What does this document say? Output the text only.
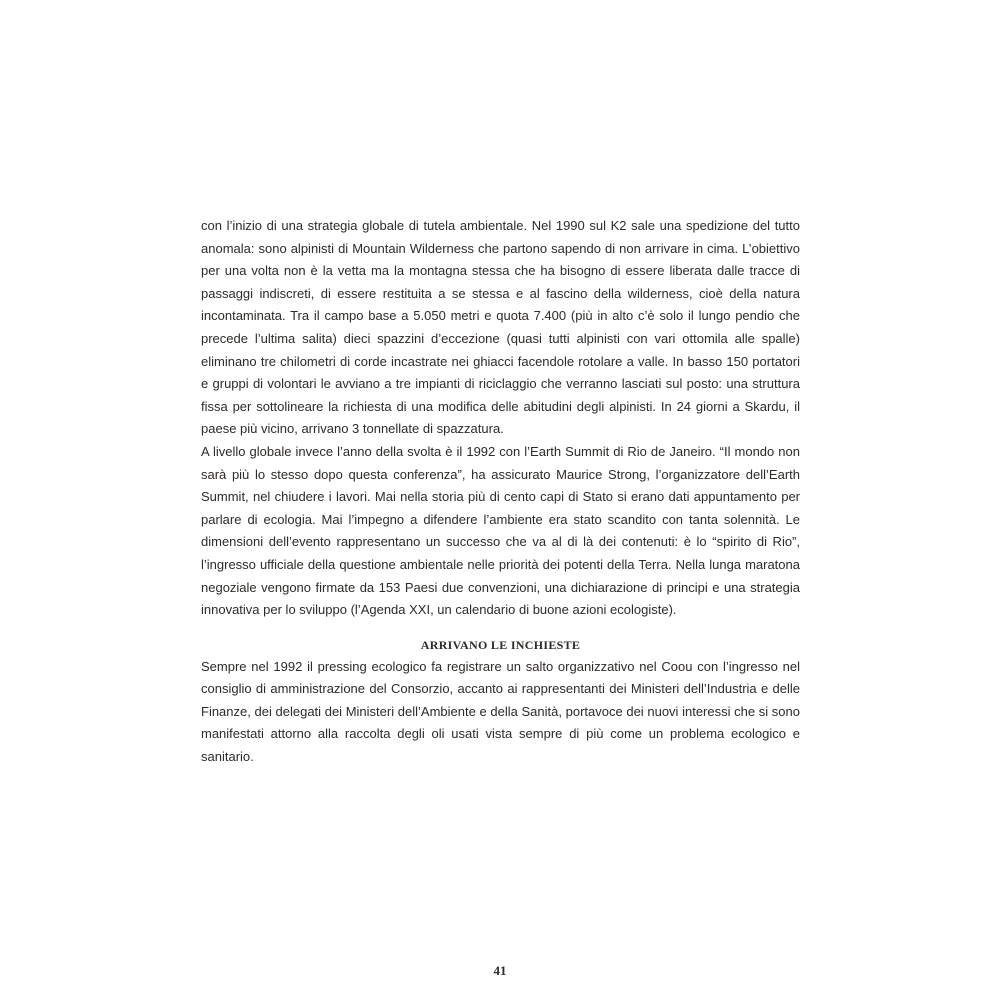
con l’inizio di una strategia globale di tutela ambientale. Nel 1990 sul K2 sale una spedizione del tutto anomala: sono alpinisti di Mountain Wilderness che partono sapendo di non arrivare in cima. L’obiettivo per una volta non è la vetta ma la montagna stessa che ha bisogno di essere liberata dalle tracce di passaggi indiscreti, di essere restituita a se stessa e al fascino della wilderness, cioè della natura incontaminata. Tra il campo base a 5.050 metri e quota 7.400 (più in alto c’è solo il lungo pendio che precede l’ultima salita) dieci spazzini d’eccezione (quasi tutti alpinisti con vari ottomila alle spalle) eliminano tre chilometri di corde incastrate nei ghiacci facendole rotolare a valle. In basso 150 portatori e gruppi di volontari le avviano a tre impianti di riciclaggio che verranno lasciati sul posto: una struttura fissa per sottolineare la richiesta di una modifica delle abitudini degli alpinisti. In 24 giorni a Skardu, il paese più vicino, arrivano 3 tonnellate di spazzatura.

A livello globale invece l’anno della svolta è il 1992 con l’Earth Summit di Rio de Janeiro. “Il mondo non sarà più lo stesso dopo questa conferenza”, ha assicurato Maurice Strong, l’organizzatore dell’Earth Summit, nel chiudere i lavori. Mai nella storia più di cento capi di Stato si erano dati appuntamento per parlare di ecologia. Mai l’impegno a difendere l’ambiente era stato scandito con tanta solennità. Le dimensioni dell’evento rappresentano un successo che va al di là dei contenuti: è lo “spirito di Rio”, l’ingresso ufficiale della questione ambientale nelle priorità dei potenti della Terra. Nella lunga maratona negoziale vengono firmate da 153 Paesi due convenzioni, una dichiarazione di principi e una strategia innovativa per lo sviluppo (l’Agenda XXI, un calendario di buone azioni ecologiste).

ARRIVANO LE INCHIESTE

Sempre nel 1992 il pressing ecologico fa registrare un salto organizzativo nel Coou con l’ingresso nel consiglio di amministrazione del Consorzio, accanto ai rappresentanti dei Ministeri dell’Industria e delle Finanze, dei delegati dei Ministeri dell’Ambiente e della Sanità, portavoce dei nuovi interessi che si sono manifestati attorno alla raccolta degli oli usati vista sempre di più come un problema ecologico e sanitario.

41
